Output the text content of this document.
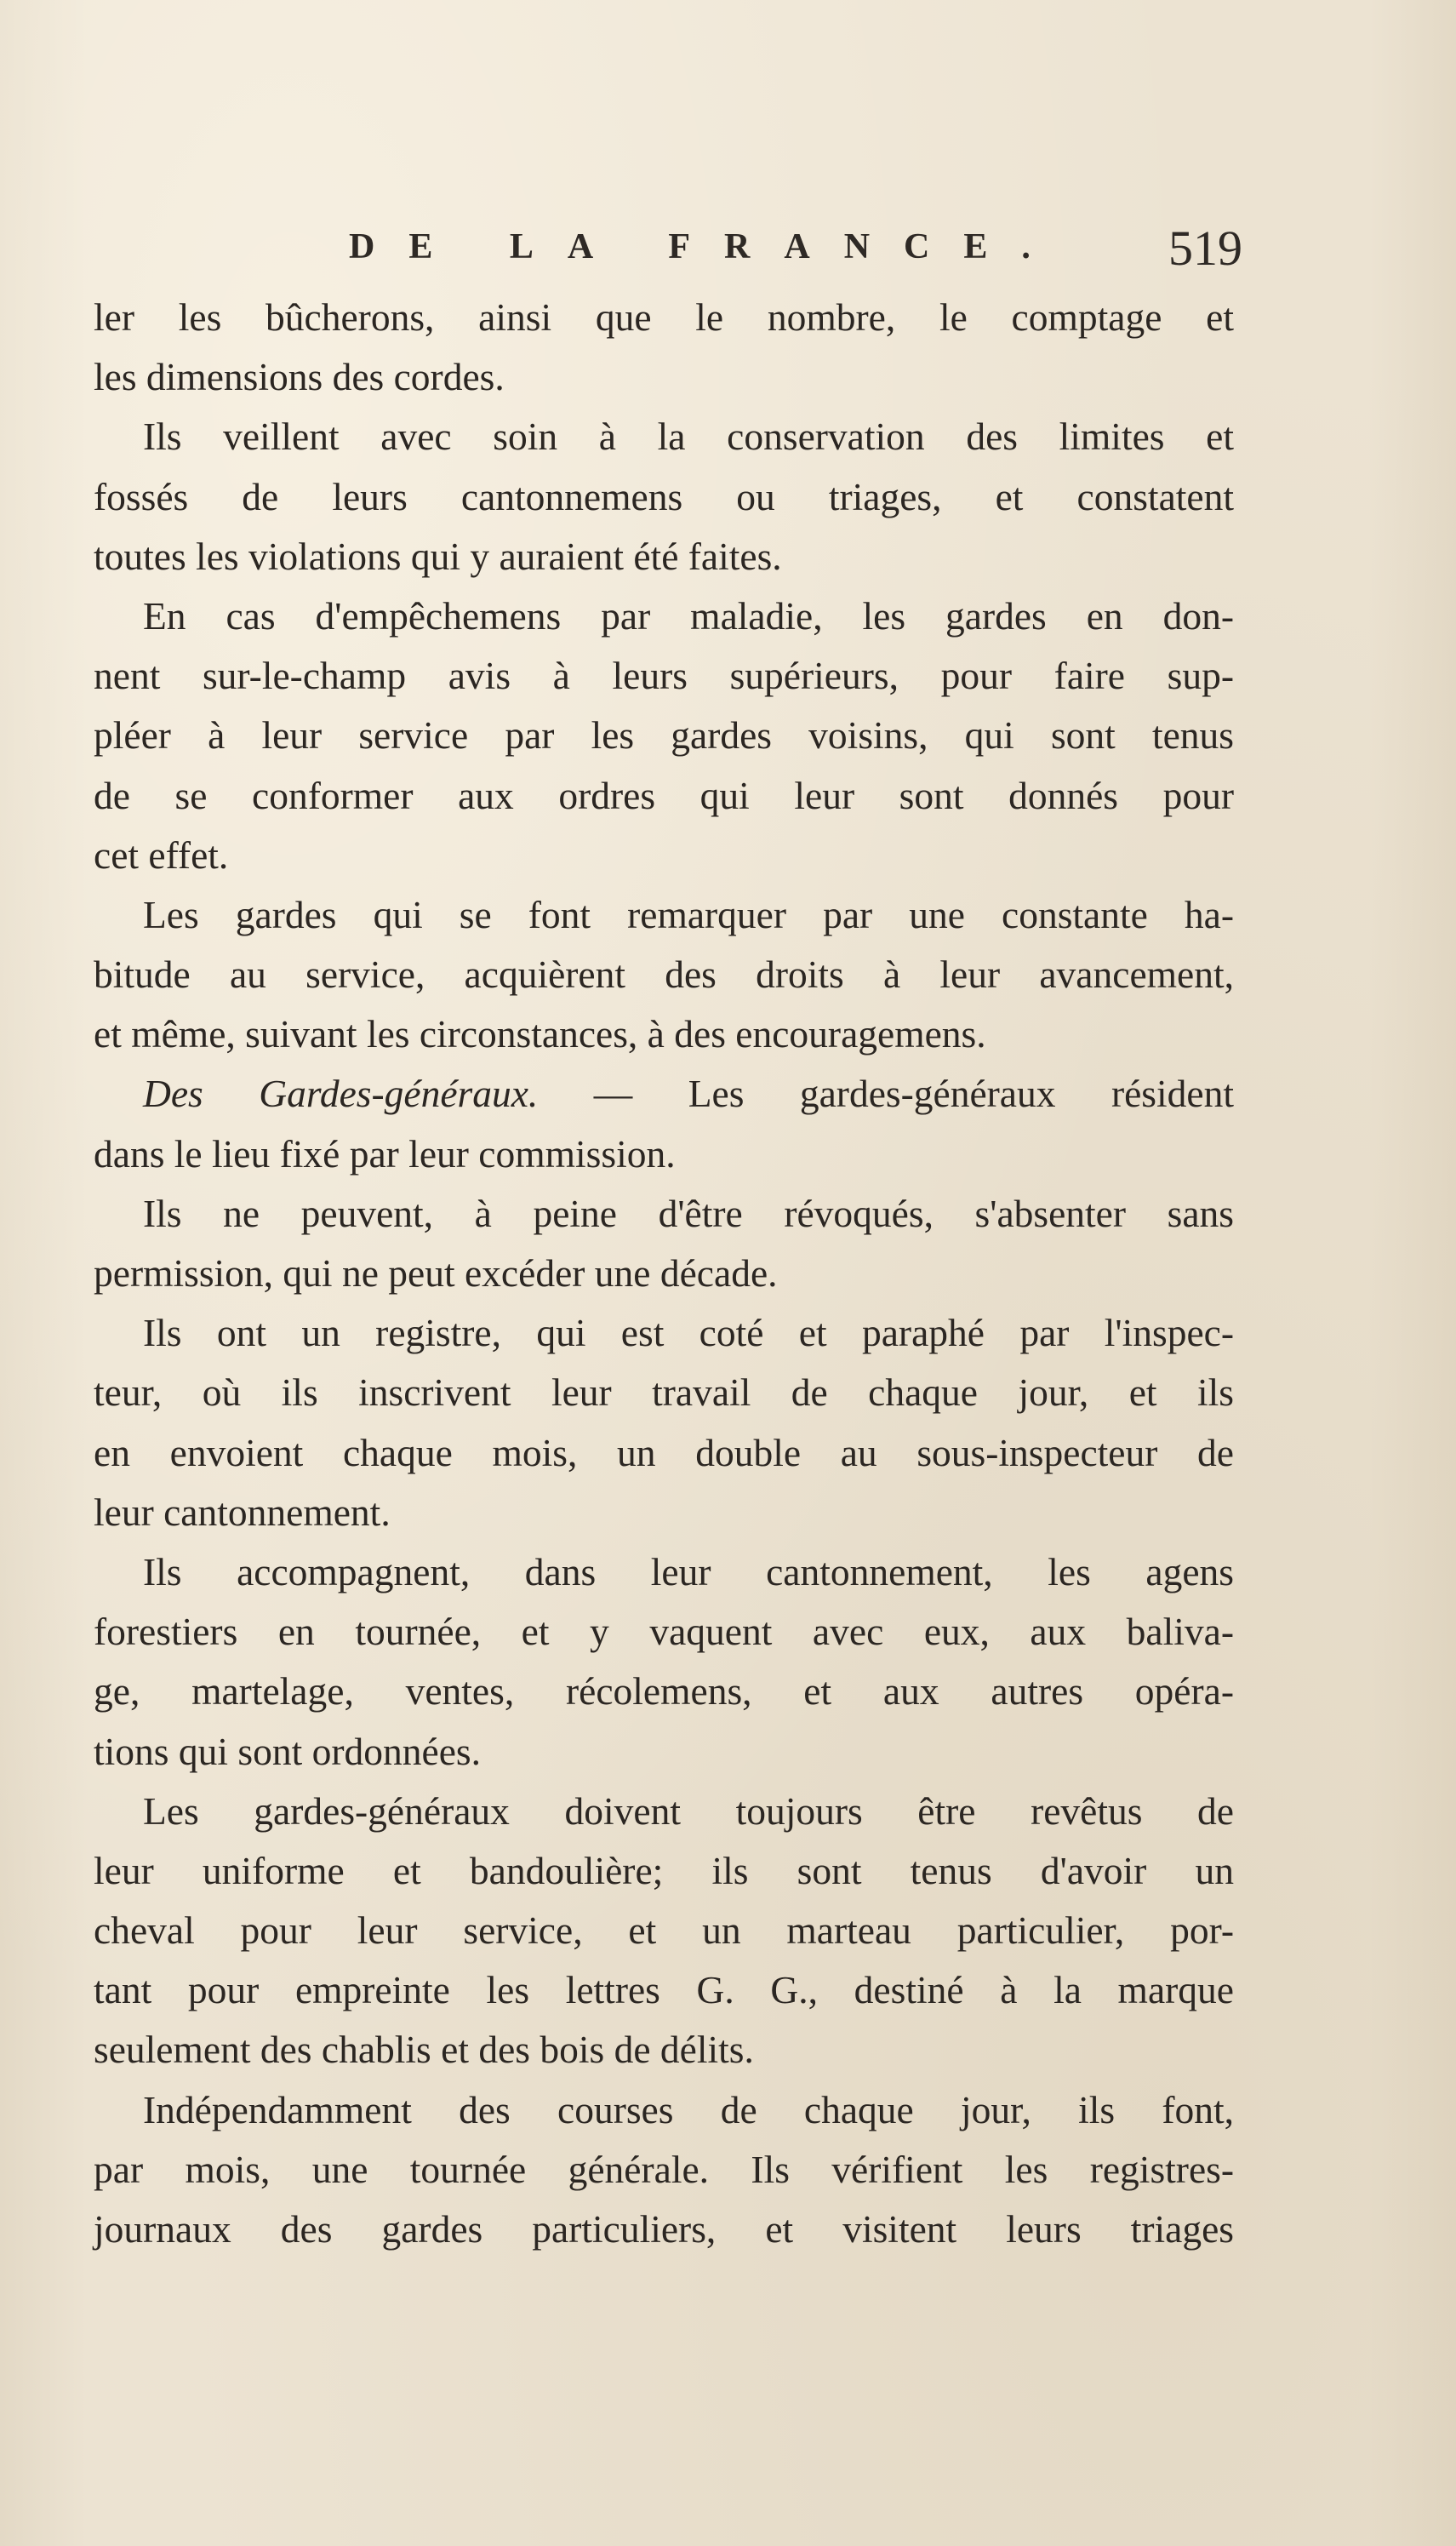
DE LA FRANCE. 519
ler les bûcherons, ainsi que le nombre, le comptage et
les dimensions des cordes.
Ils veillent avec soin à la conservation des limites et
fossés de leurs cantonnemens ou triages, et constatent
toutes les violations qui y auraient été faites.
En cas d'empêchemens par maladie, les gardes en don-
nent sur-le-champ avis à leurs supérieurs, pour faire sup-
pléer à leur service par les gardes voisins, qui sont tenus
de se conformer aux ordres qui leur sont donnés pour
cet effet.
Les gardes qui se font remarquer par une constante ha-
bitude au service, acquièrent des droits à leur avancement,
et même, suivant les circonstances, à des encouragemens.
Des Gardes-généraux. — Les gardes-généraux résident
dans le lieu fixé par leur commission.
Ils ne peuvent, à peine d'être révoqués, s'absenter sans
permission, qui ne peut excéder une décade.
Ils ont un registre, qui est coté et paraphé par l'inspec-
teur, où ils inscrivent leur travail de chaque jour, et ils
en envoient chaque mois, un double au sous-inspecteur de
leur cantonnement.
Ils accompagnent, dans leur cantonnement, les agens
forestiers en tournée, et y vaquent avec eux, aux baliva-
ge, martelage, ventes, récolemens, et aux autres opéra-
tions qui sont ordonnées.
Les gardes-généraux doivent toujours être revêtus de
leur uniforme et bandoulière; ils sont tenus d'avoir un
cheval pour leur service, et un marteau particulier, por-
tant pour empreinte les lettres G. G., destiné à la marque
seulement des chablis et des bois de délits.
Indépendamment des courses de chaque jour, ils font,
par mois, une tournée générale. Ils vérifient les registres-
journaux des gardes particuliers, et visitent leurs triages
